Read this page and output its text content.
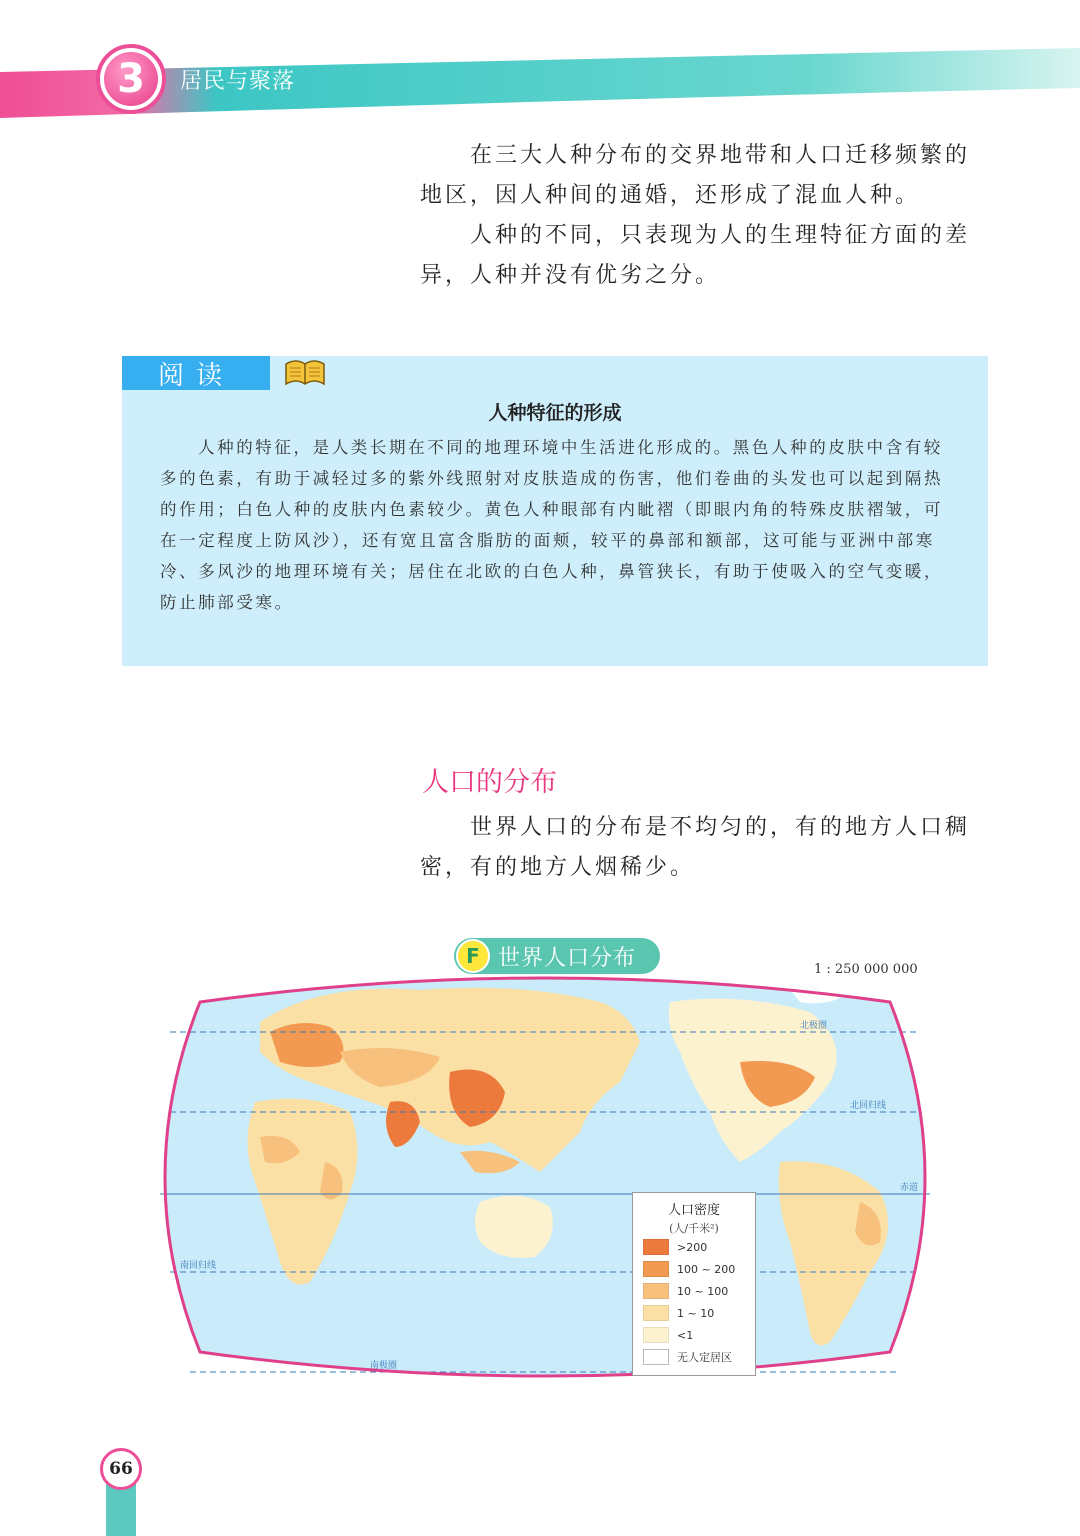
3	居民与聚落

在三大人种分布的交界地带和人口迁移频繁的地区，因人种间的通婚，还形成了混血人种。

人种的不同，只表现为人的生理特征方面的差异，人种并没有优劣之分。

阅读
人种特征的形成

人种的特征，是人类长期在不同的地理环境中生活进化形成的。黑色人种的皮肤中含有较多的色素，有助于减轻过多的紫外线照射对皮肤造成的伤害，他们卷曲的头发也可以起到隔热的作用；白色人种的皮肤内色素较少。黄色人种眼部有内眦褶（即眼内角的特殊皮肤褶皱，可在一定程度上防风沙），还有宽且富含脂肪的面颊，较平的鼻部和额部，这可能与亚洲中部寒冷、多风沙的地理环境有关；居住在北欧的白色人种，鼻管狭长，有助于使吸入的空气变暖，防止肺部受寒。

人口的分布

世界人口的分布是不均匀的，有的地方人口稠密，有的地方人烟稀少。

F 世界人口分布	1 : 250 000 000
北极圈
北回归线
赤道
南回归线
南极圈
人口密度
(人/千米²)
>200
100 ~ 200
10 ~ 100
1 ~ 10
<1
无人定居区
66
